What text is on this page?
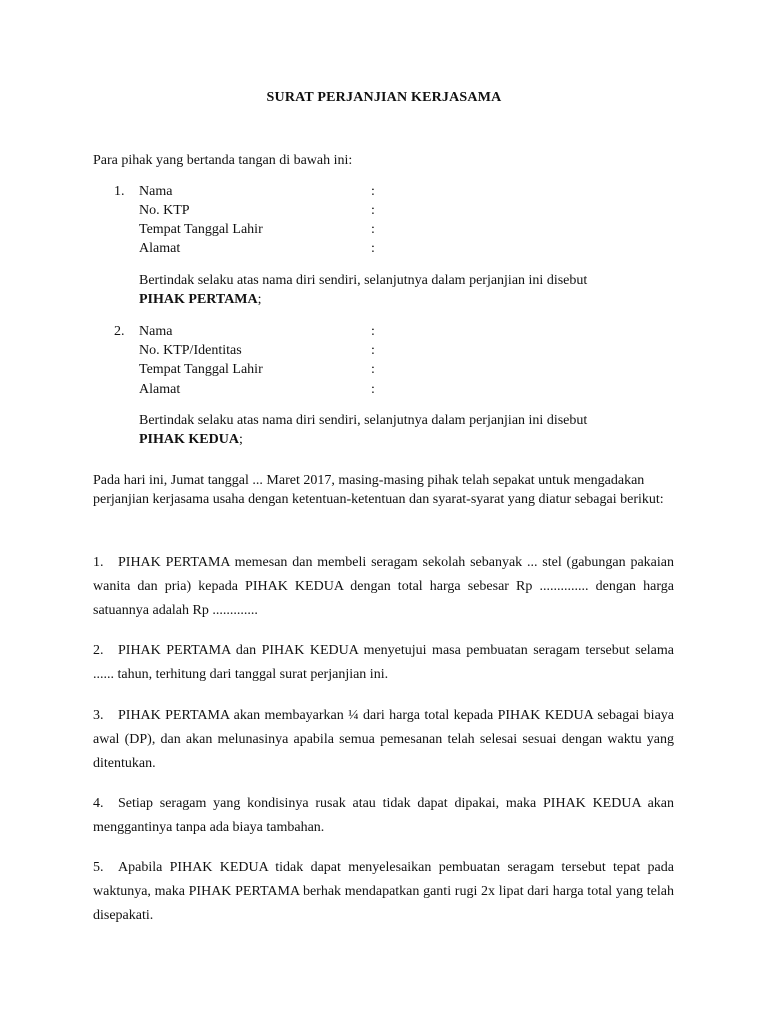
SURAT PERJANJIAN KERJASAMA
Para pihak yang bertanda tangan di bawah ini:
1.	Nama	:
No. KTP	:
Tempat Tanggal Lahir	:
Alamat	:
Bertindak selaku atas nama diri sendiri, selanjutnya dalam perjanjian ini disebut
PIHAK PERTAMA;
2.	Nama	:
No. KTP/Identitas	:
Tempat Tanggal Lahir	:
Alamat	:
Bertindak selaku atas nama diri sendiri, selanjutnya dalam perjanjian ini disebut
PIHAK KEDUA;
Pada hari ini, Jumat tanggal ... Maret 2017, masing-masing pihak telah sepakat untuk mengadakan perjanjian kerjasama usaha dengan ketentuan-ketentuan dan syarat-syarat yang diatur sebagai berikut:
1. PIHAK PERTAMA memesan dan membeli seragam sekolah sebanyak ... stel (gabungan pakaian wanita dan pria) kepada PIHAK KEDUA dengan total harga sebesar Rp .............. dengan harga satuannya adalah Rp .............
2. PIHAK PERTAMA dan PIHAK KEDUA menyetujui masa pembuatan seragam tersebut selama ...... tahun, terhitung dari tanggal surat perjanjian ini.
3. PIHAK PERTAMA akan membayarkan ¼ dari harga total kepada PIHAK KEDUA sebagai biaya awal (DP), dan akan melunasinya apabila semua pemesanan telah selesai sesuai dengan waktu yang ditentukan.
4. Setiap seragam yang kondisinya rusak atau tidak dapat dipakai, maka PIHAK KEDUA akan menggantinya tanpa ada biaya tambahan.
5. Apabila PIHAK KEDUA tidak dapat menyelesaikan pembuatan seragam tersebut tepat pada waktunya, maka PIHAK PERTAMA berhak mendapatkan ganti rugi 2x lipat dari harga total yang telah disepakati.
